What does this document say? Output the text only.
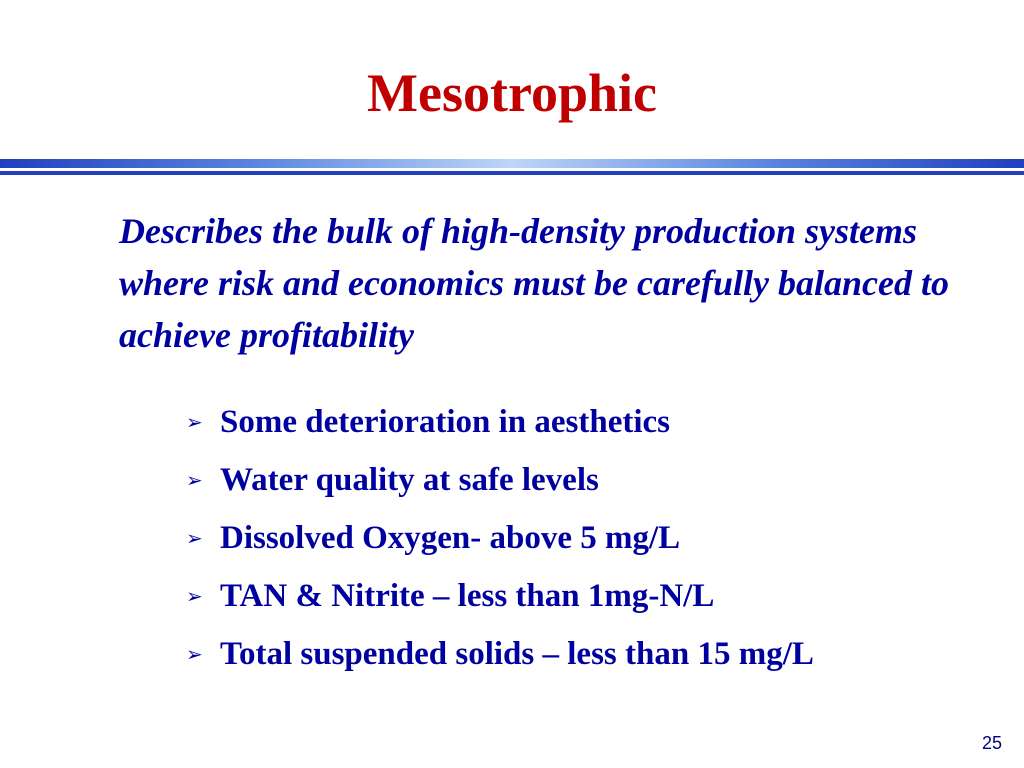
Mesotrophic
Describes the bulk of high-density production systems where risk and economics must be carefully balanced to achieve profitability
➢ Some deterioration in aesthetics
➢ Water quality at safe levels
➢ Dissolved Oxygen- above 5 mg/L
➢ TAN & Nitrite – less than 1mg-N/L
➢ Total suspended solids – less than 15 mg/L
25
